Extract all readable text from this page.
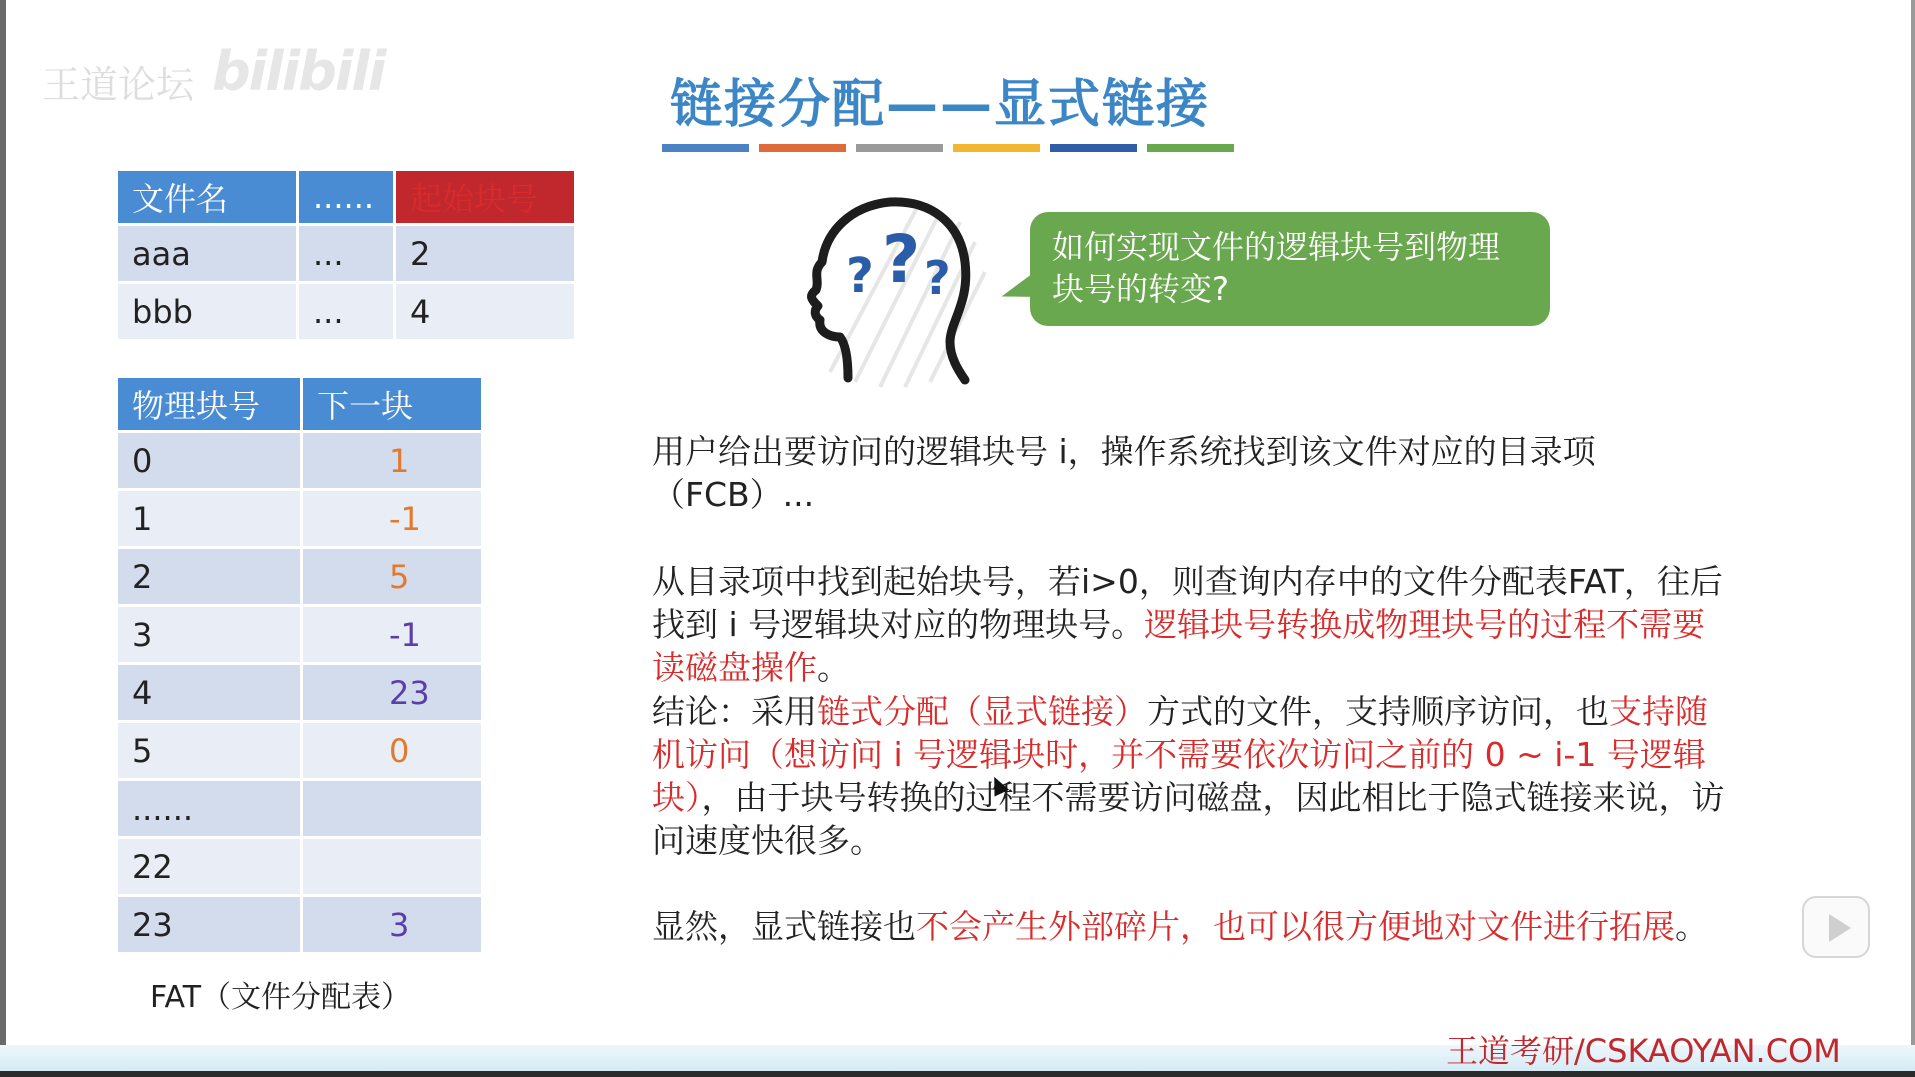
王道论坛 bilibili
链接分配——显式链接
文件名	......	起始块号
aaa	...	2
bbb	...	4
物理块号	下一块
0	1
1	-1
2	5
3	-1
4	23
5	0
......	
22	
23	3
FAT（文件分配表）
? ? ?
如何实现文件的逻辑块号到物理块号的转变?
用户给出要访问的逻辑块号 i，操作系统找到该文件对应的目录项（FCB）...
从目录项中找到起始块号，若i>0，则查询内存中的文件分配表FAT，往后找到 i 号逻辑块对应的物理块号。逻辑块号转换成物理块号的过程不需要读磁盘操作。
结论：采用链式分配（显式链接）方式的文件，支持顺序访问，也支持随机访问（想访问 i 号逻辑块时，并不需要依次访问之前的 0 ~ i-1 号逻辑块），由于块号转换的过程不需要访问磁盘，因此相比于隐式链接来说，访问速度快很多。
显然，显式链接也不会产生外部碎片，也可以很方便地对文件进行拓展。
王道考研/CSKAOYAN.COM
